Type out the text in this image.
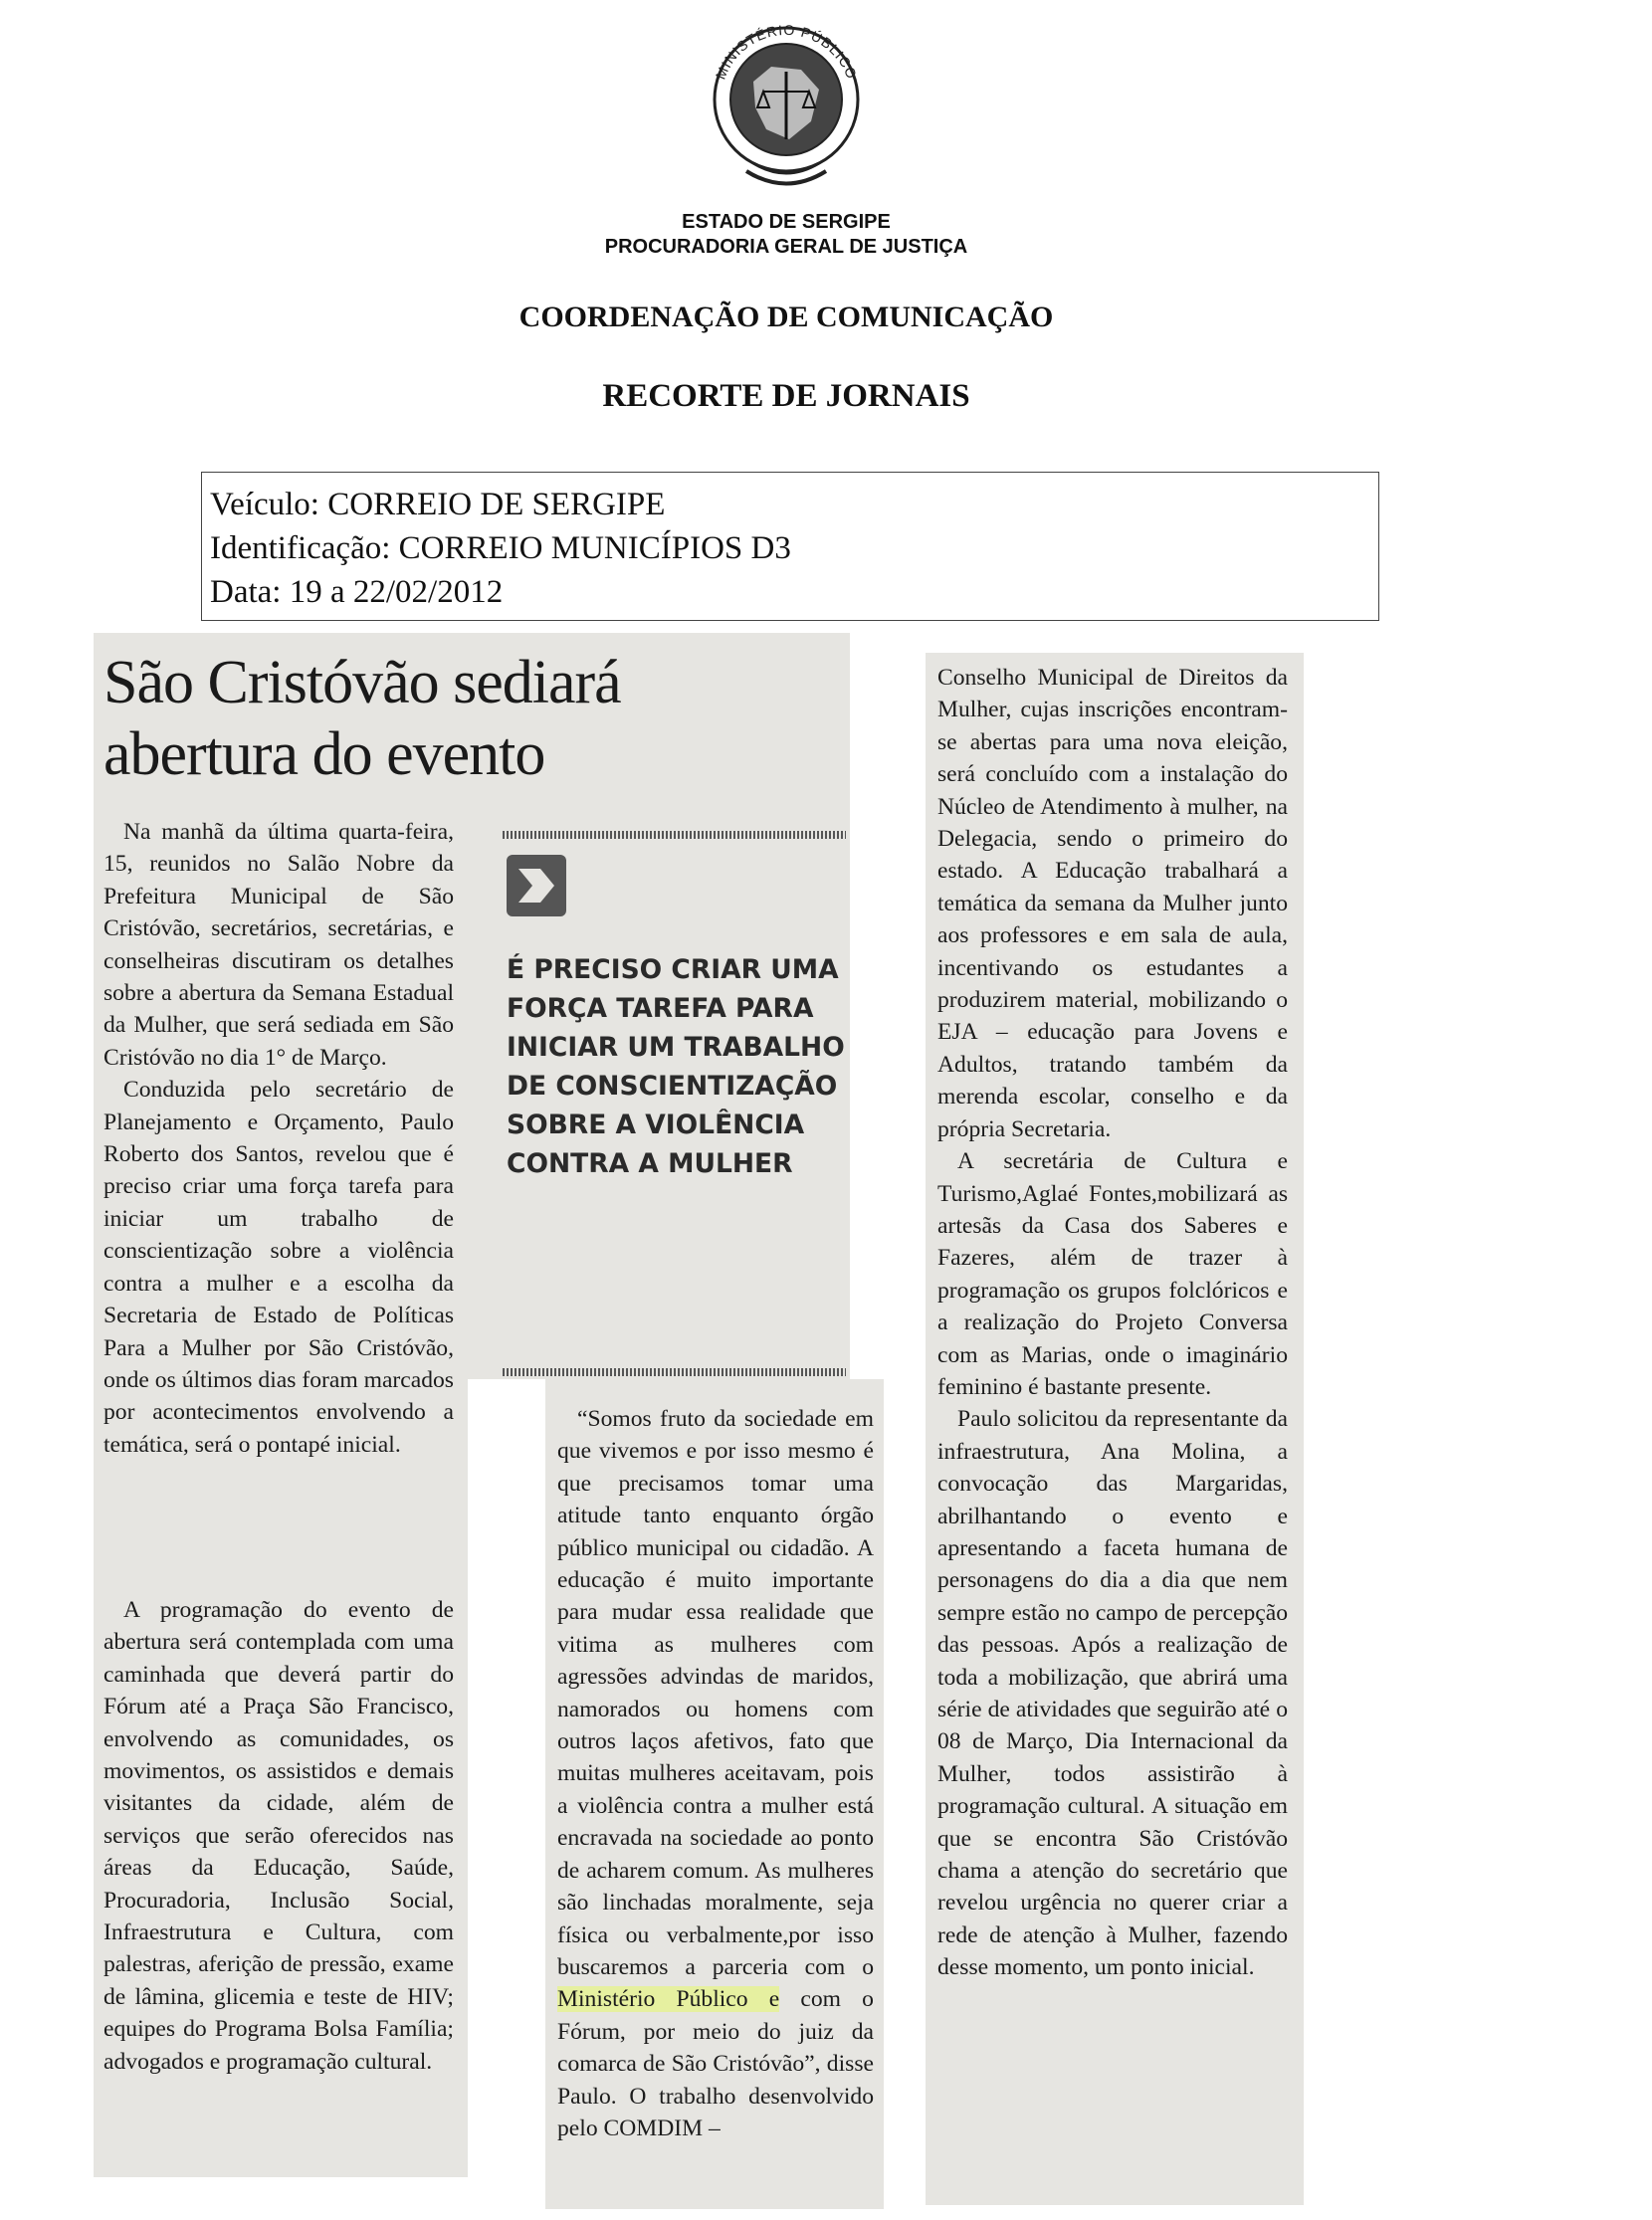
MINISTÉRIO PÚBLICO
ESTADO DE SERGIPE
PROCURADORIA GERAL DE JUSTIÇA
COORDENAÇÃO DE COMUNICAÇÃO
RECORTE DE JORNAIS
Veículo: CORREIO DE SERGIPE
Identificação: CORREIO MUNICÍPIOS D3
Data: 19 a 22/02/2012
São Cristóvão sediará
abertura do evento

Na manhã da última quarta-feira, 15, reunidos no Salão Nobre da Prefeitura Municipal de São Cristóvão, secretários, secretárias, e conselheiras discutiram os detalhes sobre a abertura da Semana Estadual da Mulher, que será sediada em São Cristóvão no dia 1° de Março.

Conduzida pelo secretário de Planejamento e Orçamento, Paulo Roberto dos Santos, revelou que é preciso criar uma força tarefa para iniciar um trabalho de conscientização sobre a violência contra a mulher e a escolha da Secretaria de Estado de Políticas Para a Mulher por São Cristóvão, onde os últimos dias foram marcados por acontecimentos envolvendo a temática, será o pontapé inicial.

A programação do evento de abertura será contemplada com uma caminhada que deverá partir do Fórum até a Praça São Francisco, envolvendo as comunidades, os movimentos, os assistidos e demais visitantes da cidade, além de serviços que serão oferecidos nas áreas da Educação, Saúde, Procuradoria, Inclusão Social, Infraestrutura e Cultura, com palestras, aferição de pressão, exame de lâmina, glicemia e teste de HIV; equipes do Programa Bolsa Família; advogados e programação cultural.

É PRECISO CRIAR UMA FORÇA TAREFA PARA INICIAR UM TRABALHO DE CONSCIENTIZAÇÃO SOBRE A VIOLÊNCIA CONTRA A MULHER

“Somos fruto da sociedade em que vivemos e por isso mesmo é que precisamos tomar uma atitude tanto enquanto órgão público municipal ou cidadão. A educação é muito importante para mudar essa realidade que vitima as mulheres com agressões advindas de maridos, namorados ou homens com outros laços afetivos, fato que muitas mulheres aceitavam, pois a violência contra a mulher está encravada na sociedade ao ponto de acharem comum. As mulheres são linchadas moralmente, seja física ou verbalmente,por isso buscaremos a parceria com o Ministério Público e com o Fórum, por meio do juiz da comarca de São Cristóvão”, disse Paulo. O trabalho desenvolvido pelo COMDIM –

Conselho Municipal de Direitos da Mulher, cujas inscrições encontram-se abertas para uma nova eleição, será concluído com a instalação do Núcleo de Atendimento à mulher, na Delegacia, sendo o primeiro do estado. A Educação trabalhará a temática da semana da Mulher junto aos professores e em sala de aula, incentivando os estudantes a produzirem material, mobilizando o EJA – educação para Jovens e Adultos, tratando também da merenda escolar, conselho e da própria Secretaria.

A secretária de Cultura e Turismo,Aglaé Fontes,mobilizará as artesãs da Casa dos Saberes e Fazeres, além de trazer à programação os grupos folclóricos e a realização do Projeto Conversa com as Marias, onde o imaginário feminino é bastante presente.

Paulo solicitou da representante da infraestrutura, Ana Molina, a convocação das Margaridas, abrilhantando o evento e apresentando a faceta humana de personagens do dia a dia que nem sempre estão no campo de percepção das pessoas. Após a realização de toda a mobilização, que abrirá uma série de atividades que seguirão até o 08 de Março, Dia Internacional da Mulher, todos assistirão à programação cultural. A situação em que se encontra São Cristóvão chama a atenção do secretário que revelou urgência no querer criar a rede de atenção à Mulher, fazendo desse momento, um ponto inicial.
